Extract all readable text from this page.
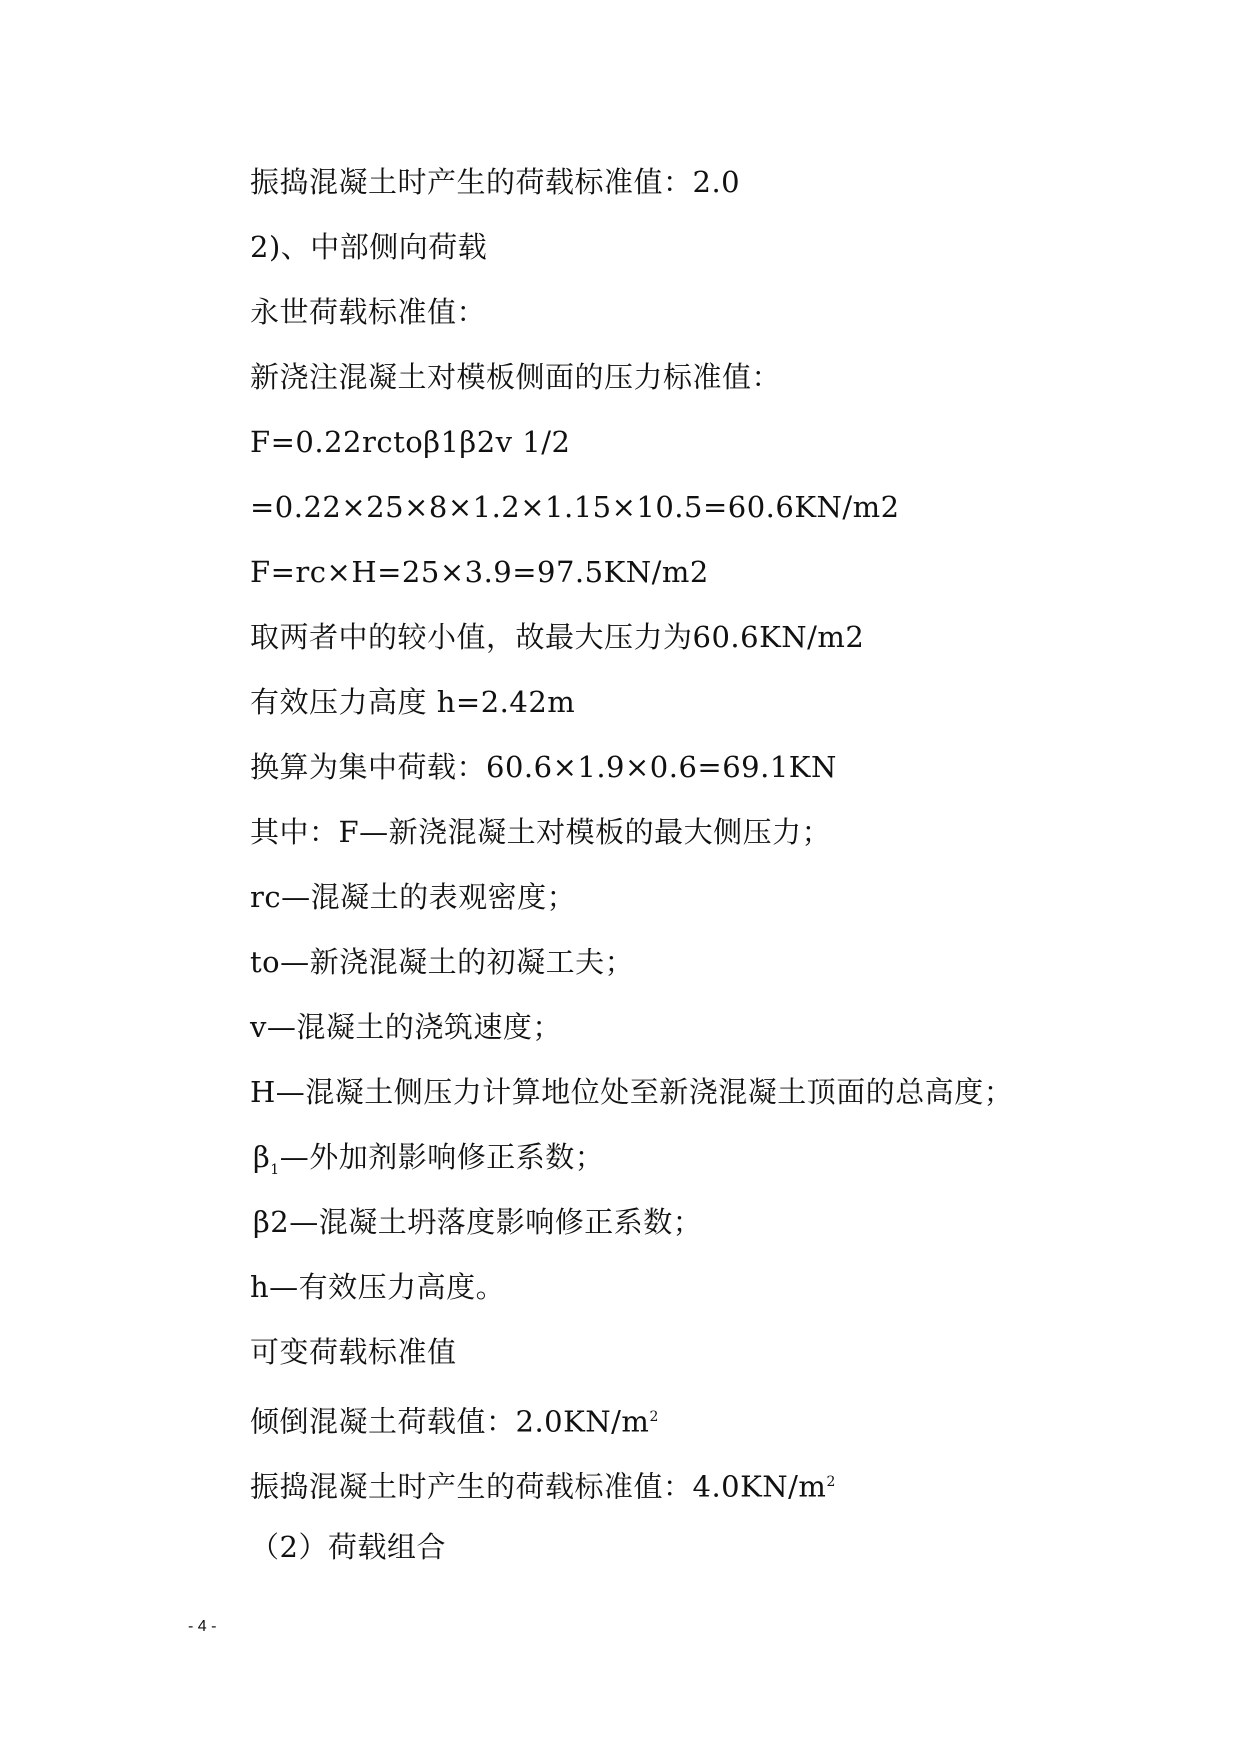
振捣混凝土时产生的荷载标准值：2.0
2)、中部侧向荷载
永世荷载标准值：
新浇注混凝土对模板侧面的压力标准值：
F=0.22rctoβ1β2v 1/2
=0.22×25×8×1.2×1.15×10.5=60.6KN/m2
F=rc×H=25×3.9=97.5KN/m2
取两者中的较小值，故最大压力为60.6KN/m2
有效压力高度 h=2.42m
换算为集中荷载：60.6×1.9×0.6=69.1KN
其中：F—新浇混凝土对模板的最大侧压力；
rc—混凝土的表观密度；
to—新浇混凝土的初凝工夫；
v—混凝土的浇筑速度；
H—混凝土侧压力计算地位处至新浇混凝土顶面的总高度；
$\beta_1—$外加剂影响修正系数；
β2—混凝土坍落度影响修正系数；
h—有效压力高度。
可变荷载标准值
倾倒混凝土荷载值：$2.0KN/m^2$
振捣混凝土时产生的荷载标准值：$4.0KN/m^2$
（2）荷载组合
- 4 -
